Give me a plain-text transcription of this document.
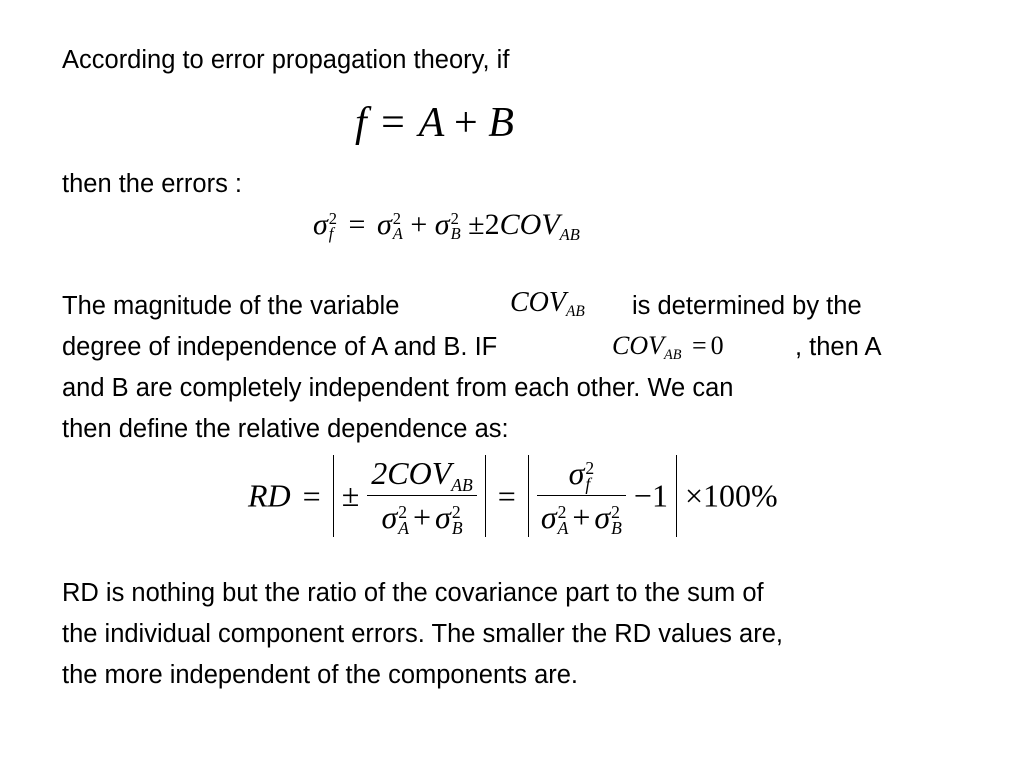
According to error propagation theory, if
f = A + B
then the errors :
σ 2
f = σ 2
A + σ 2
B ±2COVAB
The magnitude of the variable	COVAB is determined by the
degree of independence of A and B. IF	COVAB = 0	, then A
and B are completely independent from each other. We can
then define the relative dependence as:
RD = ± 2COVAB
σ 2
A + σ 2
B = σ 2
f
σ 2
A + σ 2
B −1 ×100%
RD is nothing but the ratio of the covariance part to the sum of
the individual component errors. The smaller the RD values are,
the more independent of the components are.
